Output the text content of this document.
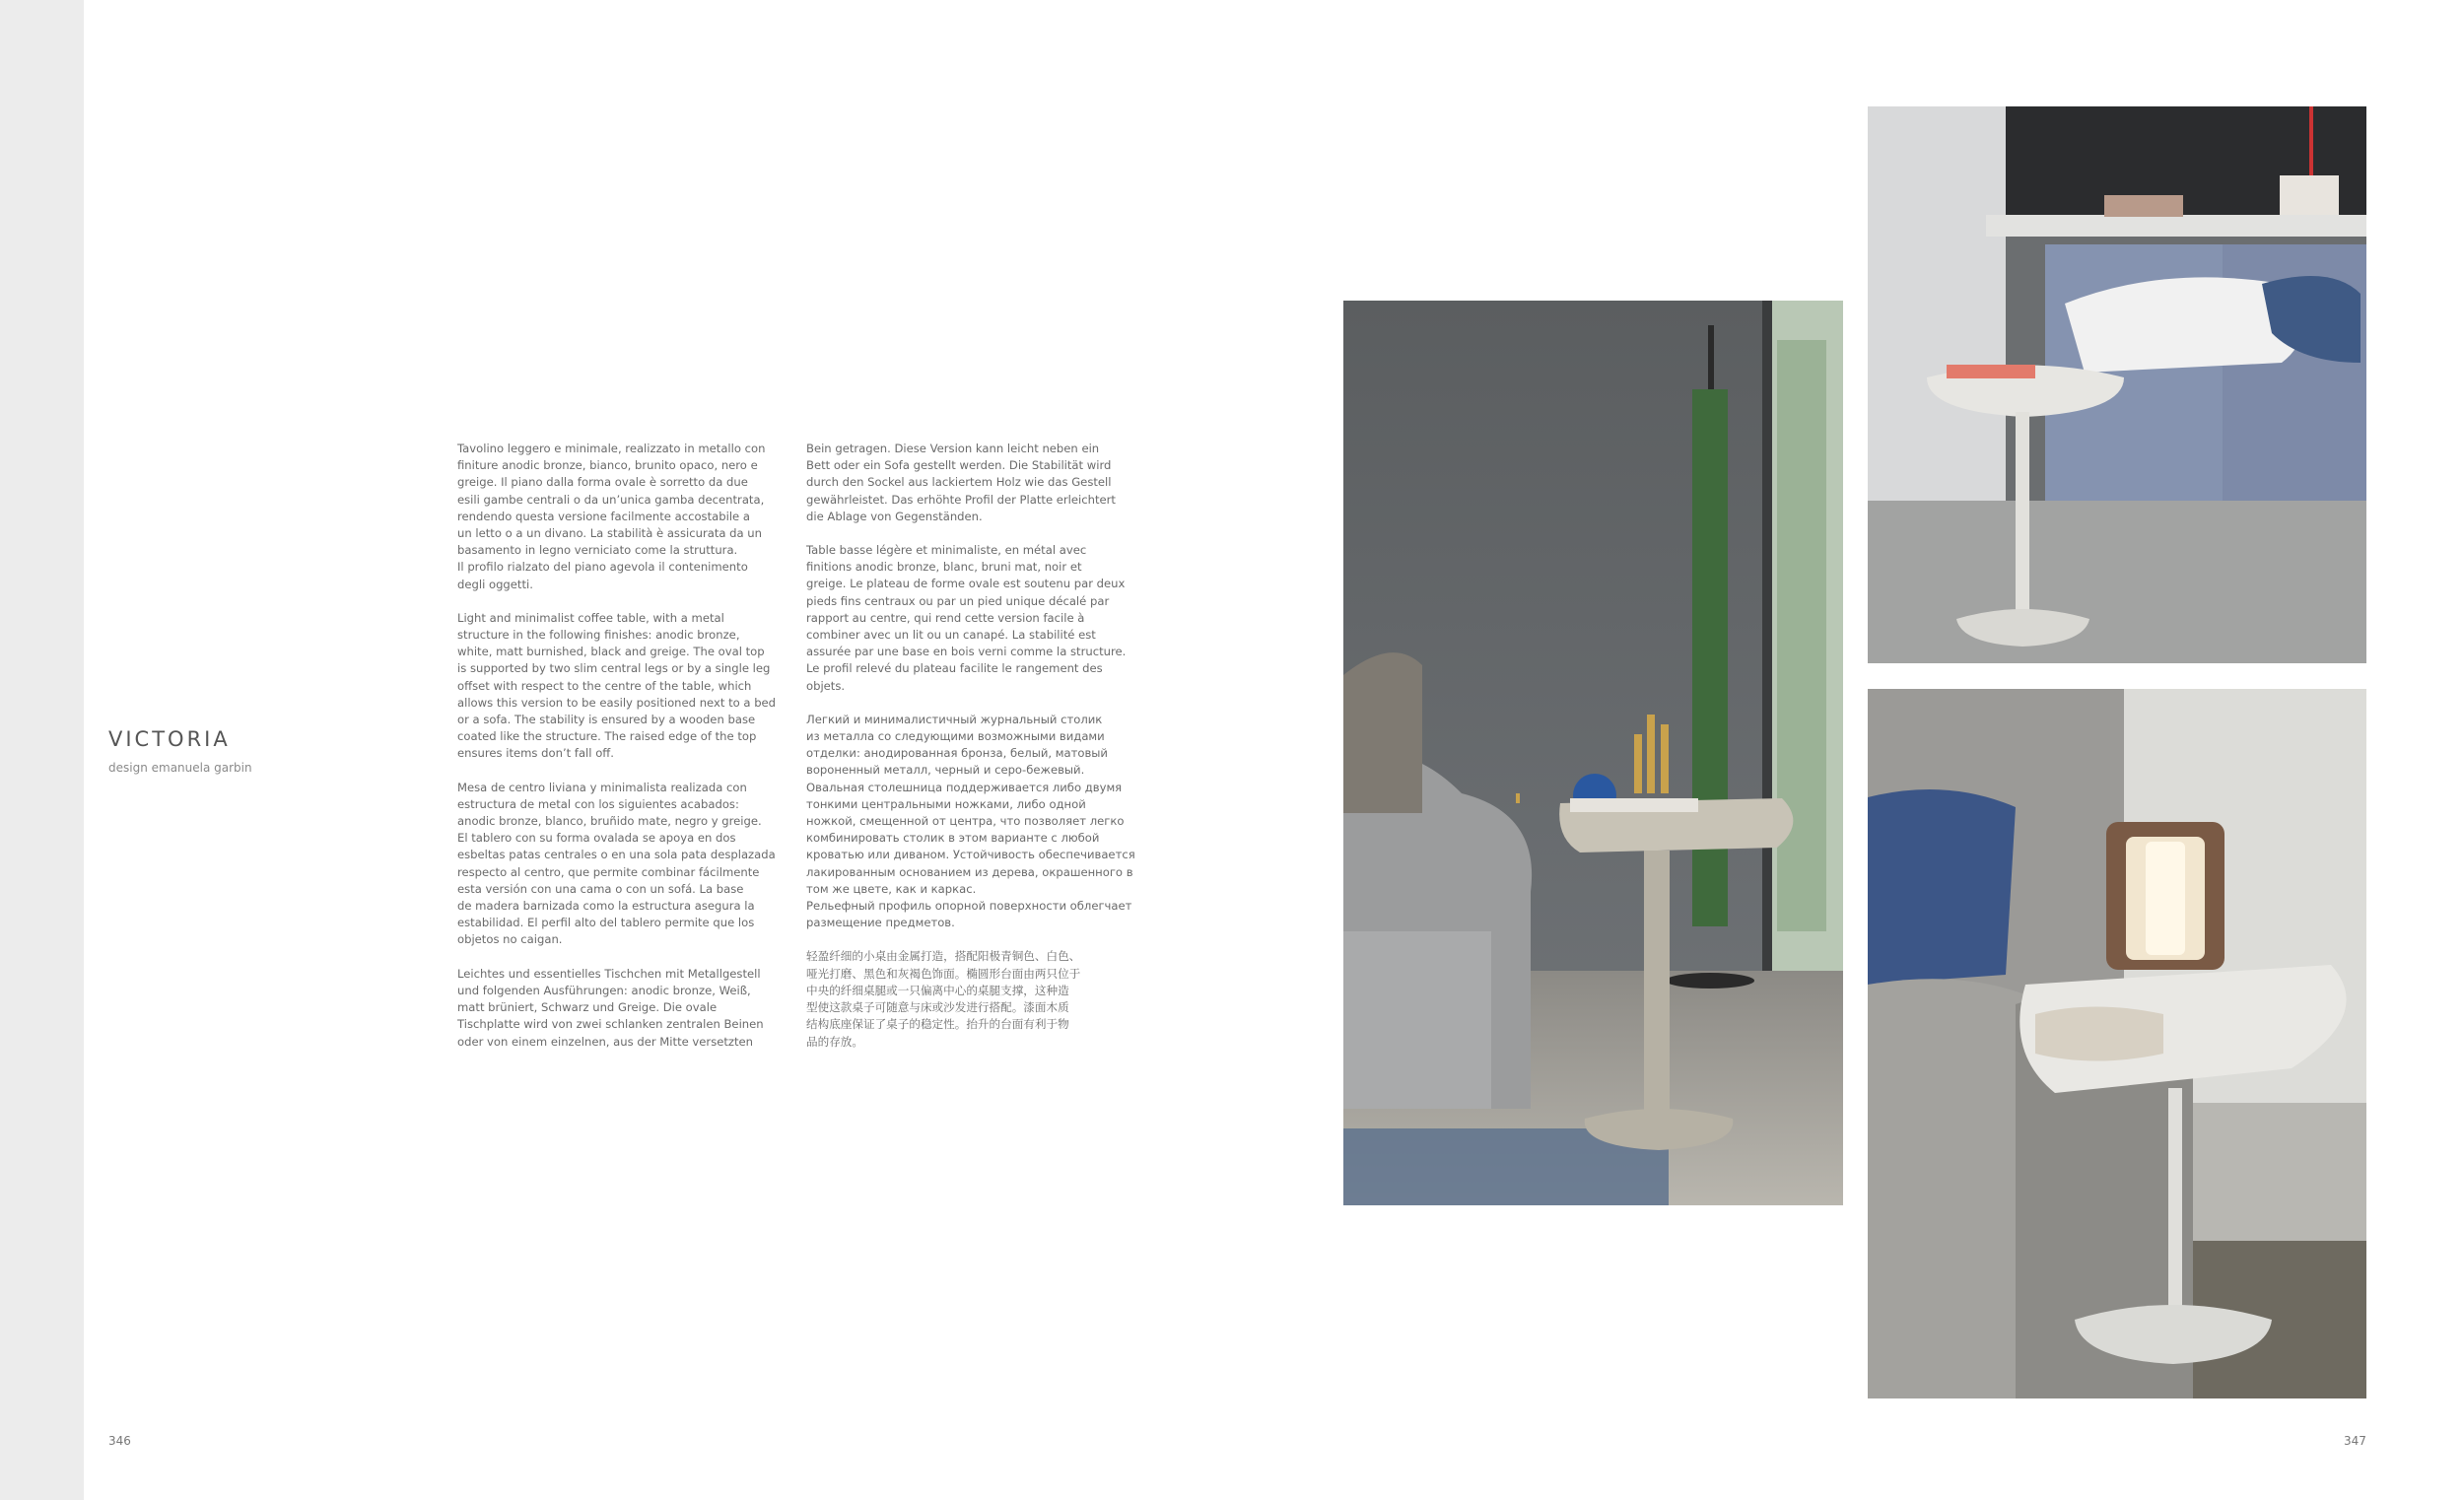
VICTORIA
design emanuela garbin

Tavolino leggero e minimale, realizzato in metallo con
finiture anodic bronze, bianco, brunito opaco, nero e
greige. Il piano dalla forma ovale è sorretto da due
esili gambe centrali o da un’unica gamba decentrata,
rendendo questa versione facilmente accostabile a
un letto o a un divano. La stabilità è assicurata da un
basamento in legno verniciato come la struttura.
Il profilo rialzato del piano agevola il contenimento
degli oggetti.

Light and minimalist coffee table, with a metal
structure in the following finishes: anodic bronze,
white, matt burnished, black and greige. The oval top
is supported by two slim central legs or by a single leg
offset with respect to the centre of the table, which
allows this version to be easily positioned next to a bed
or a sofa. The stability is ensured by a wooden base
coated like the structure. The raised edge of the top
ensures items don’t fall off.

Mesa de centro liviana y minimalista realizada con
estructura de metal con los siguientes acabados:
anodic bronze, blanco, bruñido mate, negro y greige.
El tablero con su forma ovalada se apoya en dos
esbeltas patas centrales o en una sola pata desplazada
respecto al centro, que permite combinar fácilmente
esta versión con una cama o con un sofá. La base
de madera barnizada como la estructura asegura la
estabilidad. El perfil alto del tablero permite que los
objetos no caigan.

Leichtes und essentielles Tischchen mit Metallgestell
und folgenden Ausführungen: anodic bronze, Weiß,
matt brüniert, Schwarz und Greige. Die ovale
Tischplatte wird von zwei schlanken zentralen Beinen
oder von einem einzelnen, aus der Mitte versetzten

Bein getragen. Diese Version kann leicht neben ein
Bett oder ein Sofa gestellt werden. Die Stabilität wird
durch den Sockel aus lackiertem Holz wie das Gestell
gewährleistet. Das erhöhte Profil der Platte erleichtert
die Ablage von Gegenständen.

Table basse légère et minimaliste, en métal avec
finitions anodic bronze, blanc, bruni mat, noir et
greige. Le plateau de forme ovale est soutenu par deux
pieds fins centraux ou par un pied unique décalé par
rapport au centre, qui rend cette version facile à
combiner avec un lit ou un canapé. La stabilité est
assurée par une base en bois verni comme la structure.
Le profil relevé du plateau facilite le rangement des
objets.

Легкий и минималистичный журнальный столик
из металла со следующими возможными видами
отделки: анодированная бронза, белый, матовый
вороненный металл, черный и серо-бежевый.
Овальная столешница поддерживается либо двумя
тонкими центральными ножками, либо одной
ножкой, смещенной от центра, что позволяет легко
комбинировать столик в этом варианте с любой
кроватью или диваном. Устойчивость обеспечивается
лакированным основанием из дерева, окрашенного в
том же цвете, как и каркас.
Рельефный профиль опорной поверхности облегчает
размещение предметов.

轻盈纤细的小桌由金属打造，搭配阳极青铜色、白色、
哑光打磨、黑色和灰褐色饰面。椭圆形台面由两只位于
中央的纤细桌腿或一只偏离中心的桌腿支撑，这种造
型使这款桌子可随意与床或沙发进行搭配。漆面木质
结构底座保证了桌子的稳定性。抬升的台面有利于物
品的存放。

346	347
